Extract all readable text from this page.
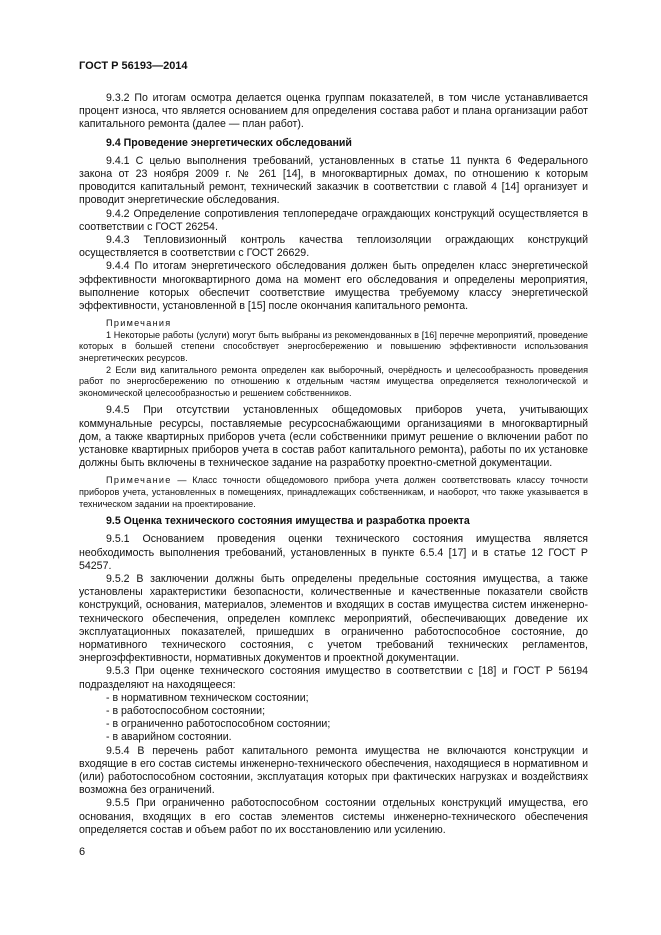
ГОСТ Р 56193—2014

9.3.2 По итогам осмотра делается оценка группам показателей, в том числе устанавливается процент износа, что является основанием для определения состава работ и плана организации работ капитального ремонта (далее — план работ).

9.4 Проведение энергетических обследований

9.4.1 С целью выполнения требований, установленных в статье 11 пункта 6 Федерального закона от 23 ноября 2009 г. № 261 [14], в многоквартирных домах, по отношению к которым проводится капитальный ремонт, технический заказчик в соответствии с главой 4 [14] организует и проводит энергетические обследования.

9.4.2 Определение сопротивления теплопередаче ограждающих конструкций осуществляется в соответствии с ГОСТ 26254.

9.4.3 Тепловизионный контроль качества теплоизоляции ограждающих конструкций осуществляется в соответствии с ГОСТ 26629.

9.4.4 По итогам энергетического обследования должен быть определен класс энергетической эффективности многоквартирного дома на момент его обследования и определены мероприятия, выполнение которых обеспечит соответствие имущества требуемому классу энергетической эффективности, установленной в [15] после окончания капитального ремонта.

Примечания

1 Некоторые работы (услуги) могут быть выбраны из рекомендованных в [16] перечне мероприятий, проведение которых в большей степени способствует энергосбережению и повышению эффективности использования энергетических ресурсов.

2 Если вид капитального ремонта определен как выборочный, очерёдность и целесообразность проведения работ по энергосбережению по отношению к отдельным частям имущества определяется технологической и экономической целесообразностью и решением собственников.

9.4.5 При отсутствии установленных общедомовых приборов учета, учитывающих коммунальные ресурсы, поставляемые ресурсоснабжающими организациями в многоквартирный дом, а также квартирных приборов учета (если собственники примут решение о включении работ по установке квартирных приборов учета в состав работ капитального ремонта), работы по их установке должны быть включены в техническое задание на разработку проектно-сметной документации.

Примечание — Класс точности общедомового прибора учета должен соответствовать классу точности приборов учета, установленных в помещениях, принадлежащих собственникам, и наоборот, что также указывается в техническом задании на проектирование.

9.5 Оценка технического состояния имущества и разработка проекта

9.5.1 Основанием проведения оценки технического состояния имущества является необходимость выполнения требований, установленных в пункте 6.5.4 [17] и в статье 12 ГОСТ Р 54257.

9.5.2 В заключении должны быть определены предельные состояния имущества, а также установлены характеристики безопасности, количественные и качественные показатели свойств конструкций, основания, материалов, элементов и входящих в состав имущества систем инженерно-технического обеспечения, определен комплекс мероприятий, обеспечивающих доведение их эксплуатационных показателей, пришедших в ограниченно работоспособное состояние, до нормативного технического состояния, с учетом требований технических регламентов, энергоэффективности, нормативных документов и проектной документации.

9.5.3 При оценке технического состояния имущество в соответствии с [18] и ГОСТ Р 56194 подразделяют на находящееся:

- в нормативном техническом состоянии;

- в работоспособном состоянии;

- в ограниченно работоспособном состоянии;

- в аварийном состоянии.

9.5.4 В перечень работ капитального ремонта имущества не включаются конструкции и входящие в его состав системы инженерно-технического обеспечения, находящиеся в нормативном и (или) работоспособном состоянии, эксплуатация которых при фактических нагрузках и воздействиях возможна без ограничений.

9.5.5 При ограниченно работоспособном состоянии отдельных конструкций имущества, его основания, входящих в его состав элементов системы инженерно-технического обеспечения определяется состав и объем работ по их восстановлению или усилению.

6
